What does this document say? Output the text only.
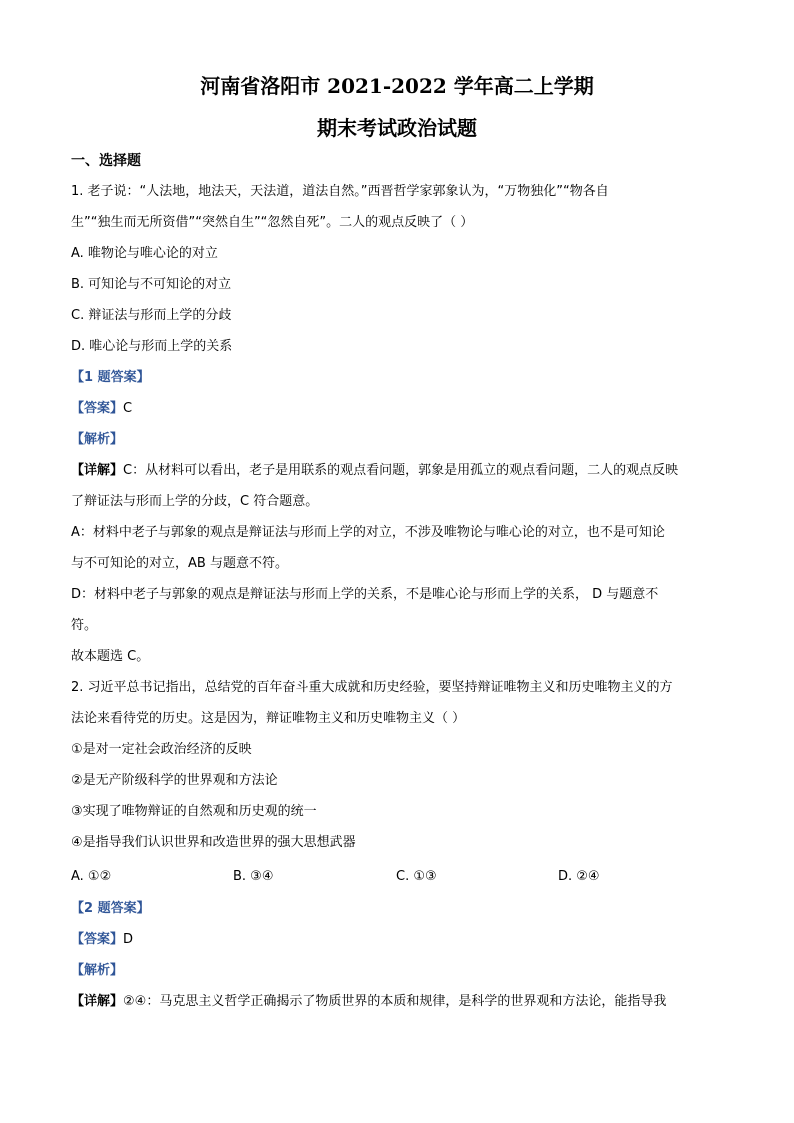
河南省洛阳市 2021-2022 学年高二上学期
期末考试政治试题
一、选择题
1. 老子说：“人法地，地法天，天法道，道法自然。”西晋哲学家郭象认为，“万物独化”“物各自
生”“独生而无所资借”“突然自生”“忽然自死”。二人的观点反映了（ ）
A. 唯物论与唯心论的对立
B. 可知论与不可知论的对立
C. 辩证法与形而上学的分歧
D. 唯心论与形而上学的关系
【1 题答案】
【答案】C
【解析】
【详解】C：从材料可以看出，老子是用联系的观点看问题，郭象是用孤立的观点看问题，二人的观点反映
了辩证法与形而上学的分歧，C 符合题意。
A：材料中老子与郭象的观点是辩证法与形而上学的对立，不涉及唯物论与唯心论的对立，也不是可知论
与不可知论的对立，AB 与题意不符。
D：材料中老子与郭象的观点是辩证法与形而上学的关系，不是唯心论与形而上学的关系， D 与题意不
符。
故本题选 C。
2. 习近平总书记指出，总结党的百年奋斗重大成就和历史经验，要坚持辩证唯物主义和历史唯物主义的方
法论来看待党的历史。这是因为，辩证唯物主义和历史唯物主义（ ）
①是对一定社会政治经济的反映
②是无产阶级科学的世界观和方法论
③实现了唯物辩证的自然观和历史观的统一
④是指导我们认识世界和改造世界的强大思想武器
A. ①②	B. ③④	C. ①③	D. ②④
【2 题答案】
【答案】D
【解析】
【详解】②④：马克思主义哲学正确揭示了物质世界的本质和规律，是科学的世界观和方法论，能指导我
